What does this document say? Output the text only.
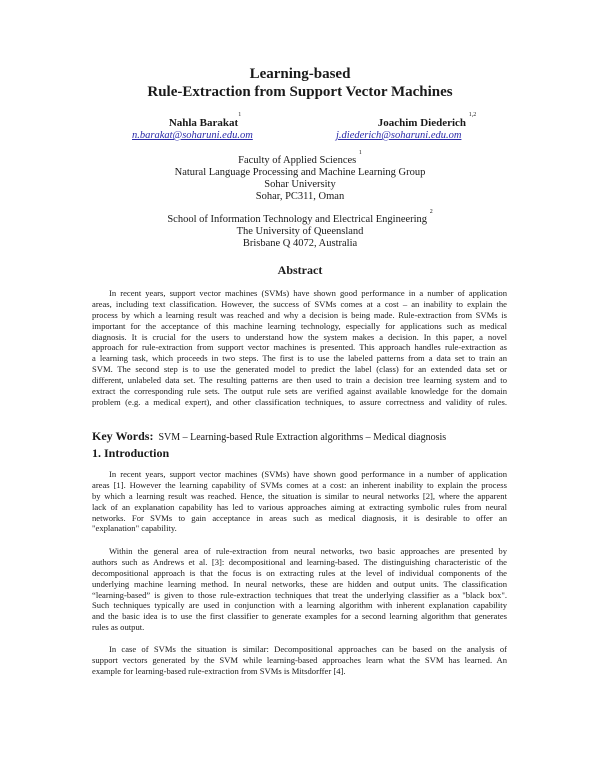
Learning-based
Rule-Extraction from Support Vector Machines
Nahla Barakat$^1$
n.barakat@soharuni.edu.om
Joachim Diederich $^{1,2}$
j.diederich@soharuni.edu.om
Faculty of Applied Sciences $^1$
Natural Language Processing and Machine Learning Group
Sohar University
Sohar, PC311, Oman
School of Information Technology and Electrical Engineering $^2$
The University of Queensland
Brisbane Q 4072, Australia
Abstract
In recent years, support vector machines (SVMs) have shown good performance in a number of application
areas, including text classification. However, the success of SVMs comes at a cost – an inability to explain the
process by which a learning result was reached and why a decision is being made. Rule-extraction from SVMs is
important for the acceptance of this machine learning technology, especially for applications such as medical
diagnosis. It is crucial for the users to understand how the system makes a decision. In this paper, a novel
approach for rule-extraction from support vector machines is presented. This approach handles rule-extraction as
a learning task, which proceeds in two steps. The first is to use the labeled patterns from a data set to train an
SVM. The second step is to use the generated model to predict the label (class) for an extended data set or
different, unlabeled data set. The resulting patterns are then used to train a decision tree learning system and to
extract the corresponding rule sets. The output rule sets are verified against available knowledge for the domain
problem (e.g. a medical expert), and other classification techniques, to assure correctness and validity of rules.
Key Words: SVM – Learning-based Rule Extraction algorithms – Medical diagnosis
1. Introduction
In recent years, support vector machines (SVMs) have shown good performance in a number of application
areas [1]. However the learning capability of SVMs comes at a cost: an inherent inability to explain the process
by which a learning result was reached. Hence, the situation is similar to neural networks [2], where the apparent
lack of an explanation capability has led to various approaches aiming at extracting symbolic rules from neural
networks. For SVMs to gain acceptance in areas such as medical diagnosis, it is desirable to offer an
"explanation" capability.
Within the general area of rule-extraction from neural networks, two basic approaches are presented by
authors such as Andrews et al. [3]: decompositional and learning-based. The distinguishing characteristic of the
decompositional approach is that the focus is on extracting rules at the level of individual components of the
underlying machine learning method. In neural networks, these are hidden and output units. The classification
“learning-based” is given to those rule-extraction techniques that treat the underlying classifier as a "black box".
Such techniques typically are used in conjunction with a learning algorithm with inherent explanation capability
and the basic idea is to use the first classifier to generate examples for a second learning algorithm that generates
rules as output.
In case of SVMs the situation is similar: Decompositional approaches can be based on the analysis of
support vectors generated by the SVM while learning-based approaches learn what the SVM has learned. An
example for learning-based rule-extraction from SVMs is Mitsdorffer [4].
